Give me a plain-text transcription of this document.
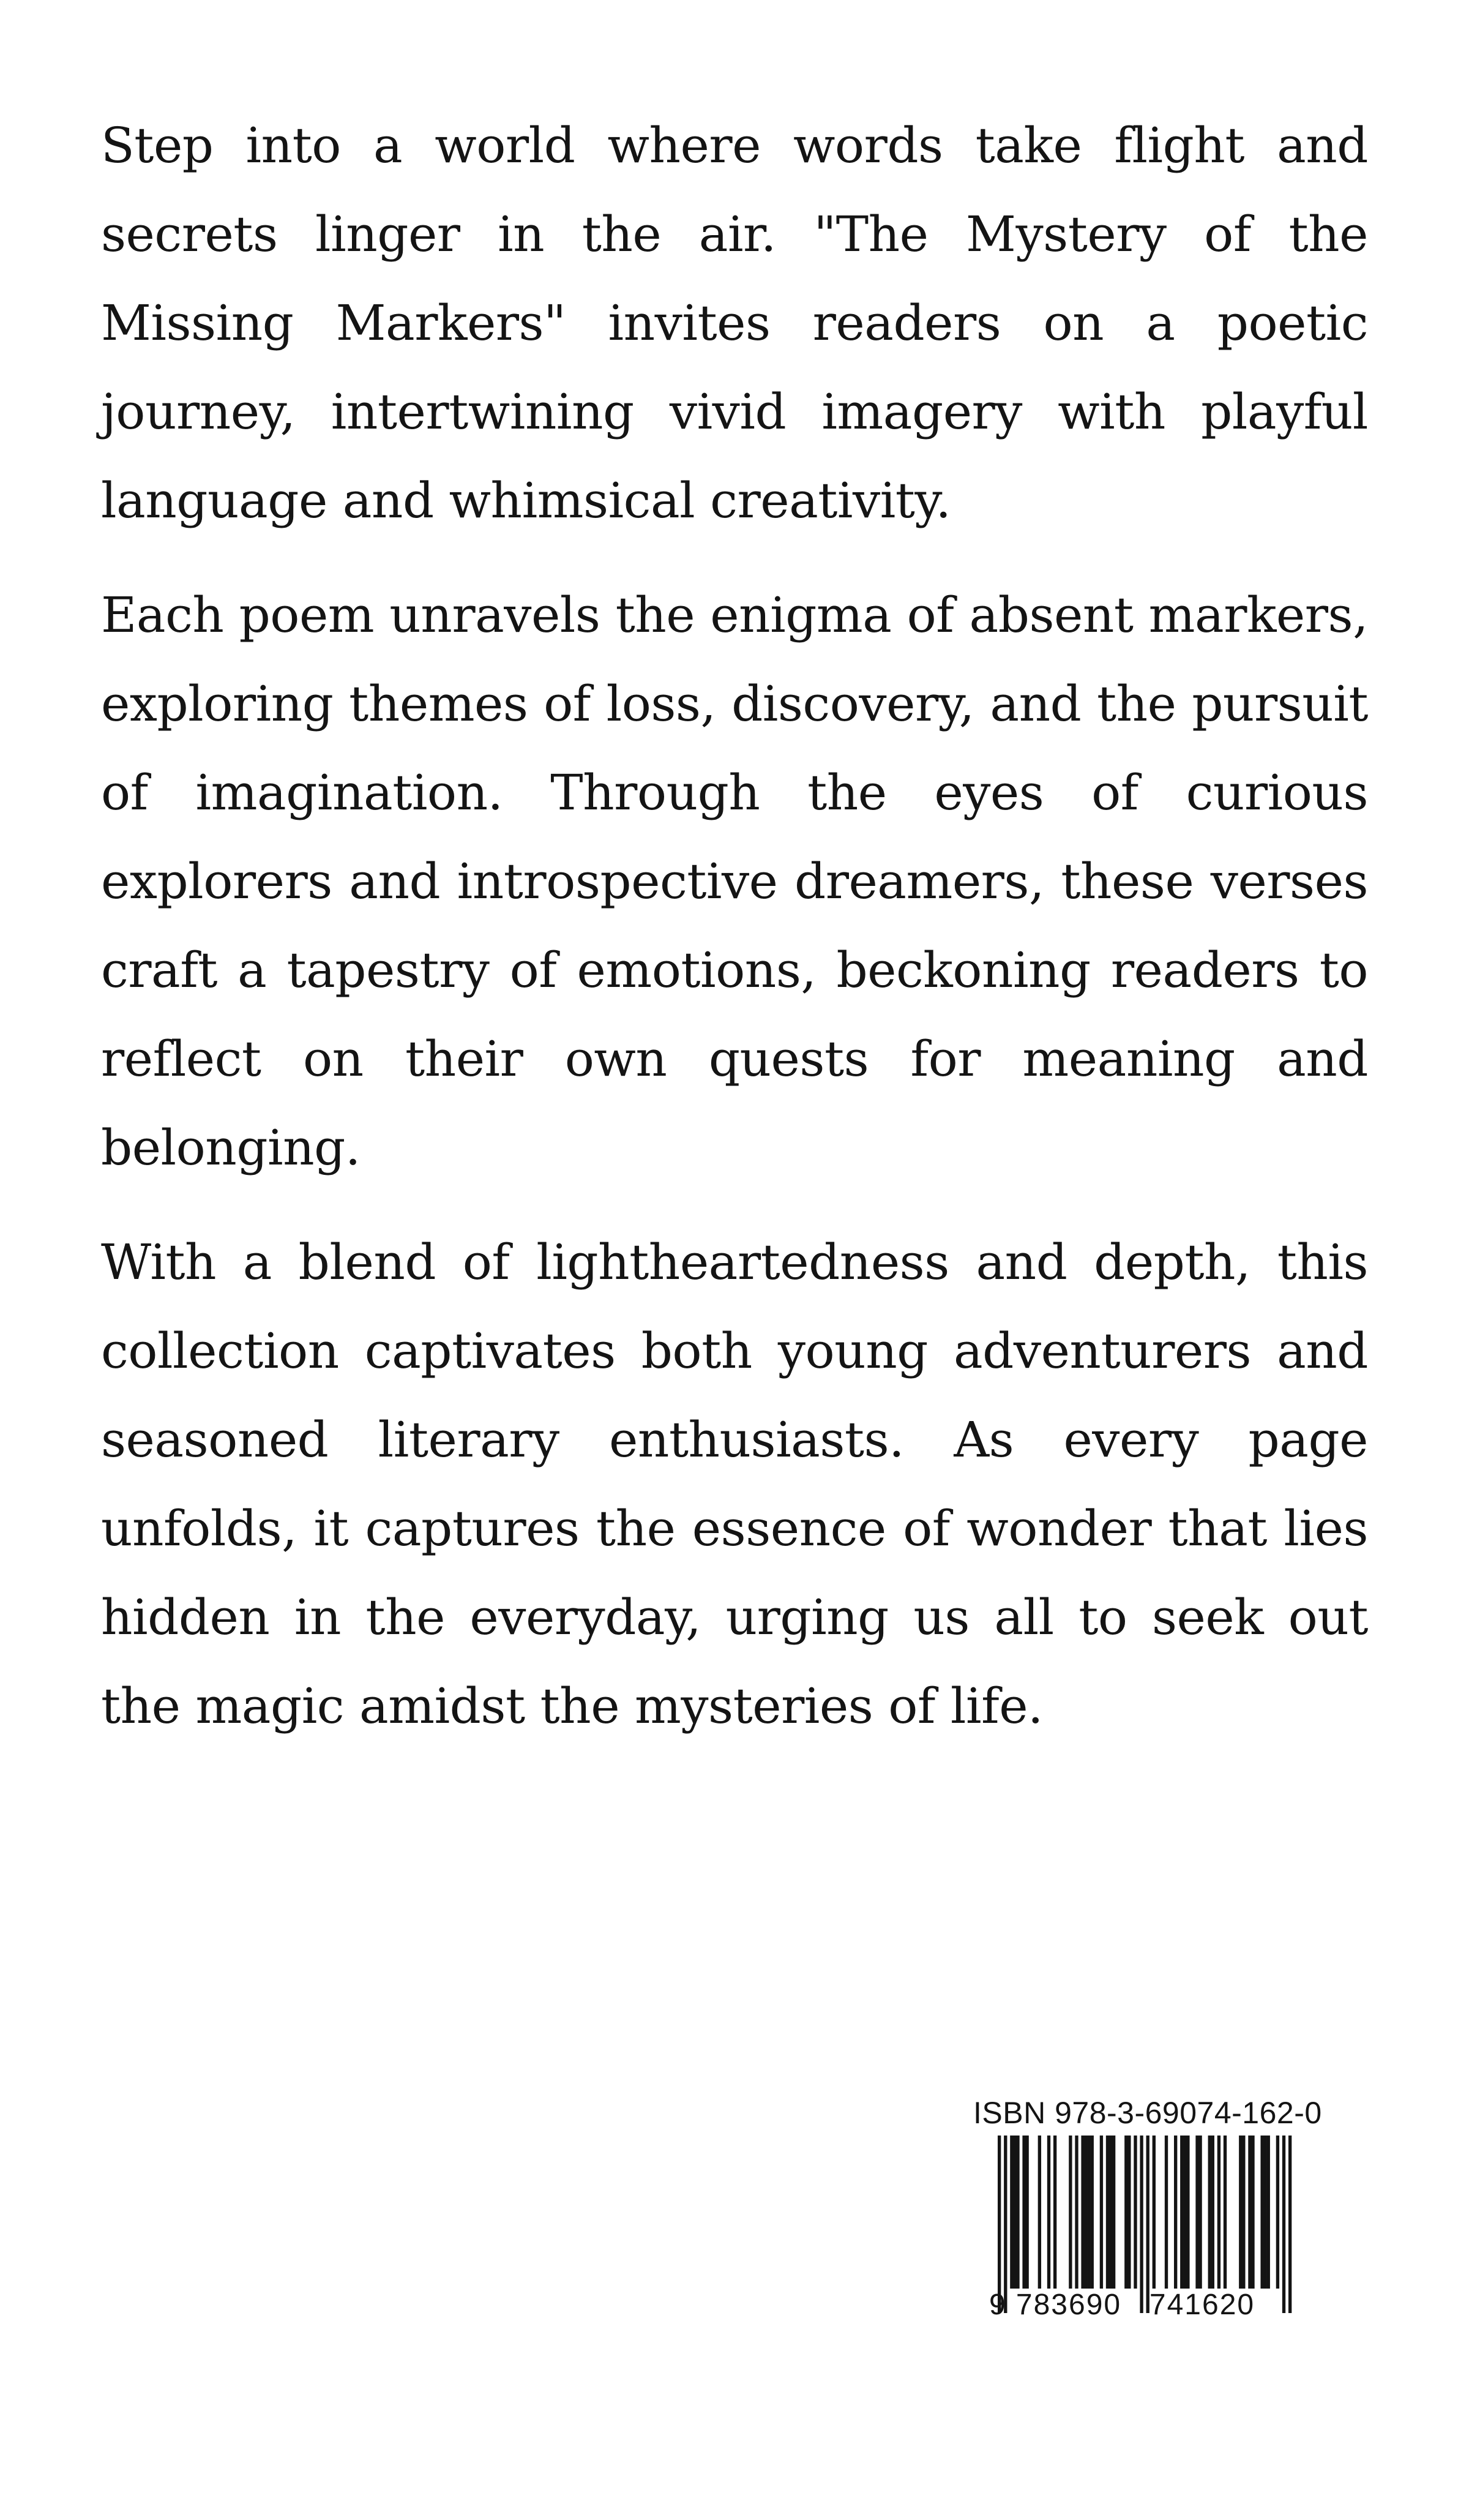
Step into a world where words take flight and secrets linger in the air. "The Mystery of the Missing Markers" invites readers on a poetic journey, intertwining vivid imagery with playful language and whimsical creativity.

Each poem unravels the enigma of absent markers, exploring themes of loss, discovery, and the pursuit of imagination. Through the eyes of curious explorers and introspective dreamers, these verses craft a tapestry of emotions, beckoning readers to reflect on their own quests for meaning and belonging.

With a blend of lightheartedness and depth, this collection captivates both young adventurers and seasoned literary enthusiasts. As every page unfolds, it captures the essence of wonder that lies hidden in the everyday, urging us all to seek out the magic amidst the mysteries of life.

ISBN 978-3-69074-162-0
9 783690 741620
